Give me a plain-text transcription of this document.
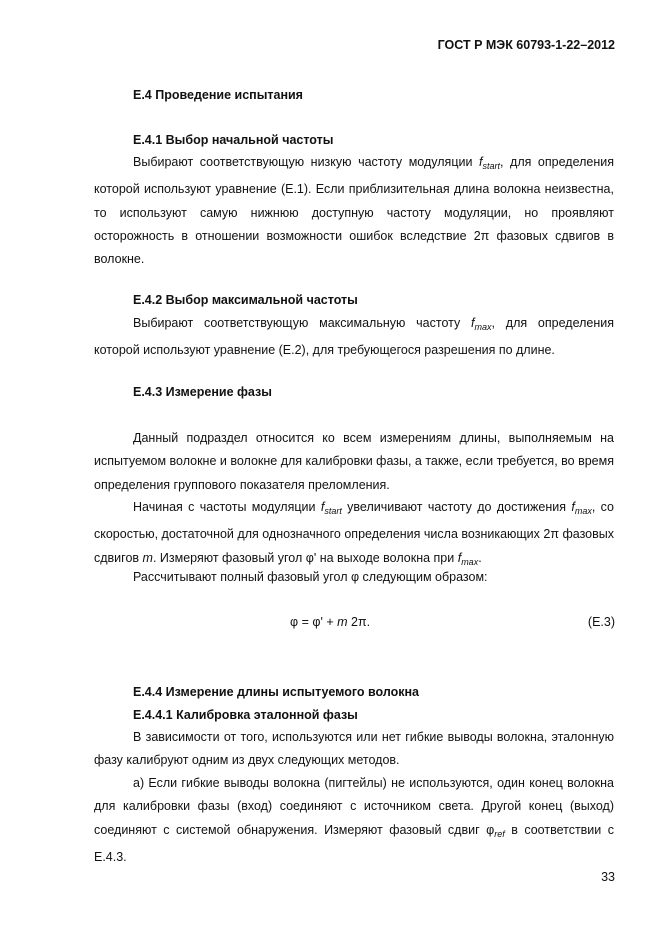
ГОСТ Р МЭК 60793-1-22–2012
Е.4 Проведение испытания
Е.4.1 Выбор начальной частоты

Выбирают соответствующую низкую частоту модуляции $f_{start}$, для определения которой используют уравнение (Е.1). Если приблизительная длина волокна неизвестна, то используют самую нижнюю доступную частоту модуляции, но проявляют осторожность в отношении возможности ошибок вследствие 2π фазовых сдвигов в волокне.

Е.4.2 Выбор максимальной частоты

Выбирают соответствующую максимальную частоту $f_{max}$, для определения которой используют уравнение (Е.2), для требующегося разрешения по длине.

Е.4.3 Измерение фазы

Данный подраздел относится ко всем измерениям длины, выполняемым на испытуемом волокне и волокне для калибровки фазы, а также, если требуется, во время определения группового показателя преломления.

Начиная с частоты модуляции $f_{start}$ увеличивают частоту до достижения $f_{max}$, со скоростью, достаточной для однозначного определения числа возникающих 2π фазовых сдвигов m. Измеряют фазовый угол φ' на выходе волокна при $f_{max}$.

Рассчитывают полный фазовый угол φ следующим образом:

φ = φ' + m 2π.	(Е.3)
Е.4.4 Измерение длины испытуемого волокна
Е.4.4.1 Калибровка эталонной фазы

В зависимости от того, используются или нет гибкие выводы волокна, эталонную фазу калибруют одним из двух следующих методов.

а) Если гибкие выводы волокна (пигтейлы) не используются, один конец волокна для калибровки фазы (вход) соединяют с источником света. Другой конец (выход) соединяют с системой обнаружения. Измеряют фазовый сдвиг $\varphi_{ref}$ в соответствии с Е.4.3.

33
